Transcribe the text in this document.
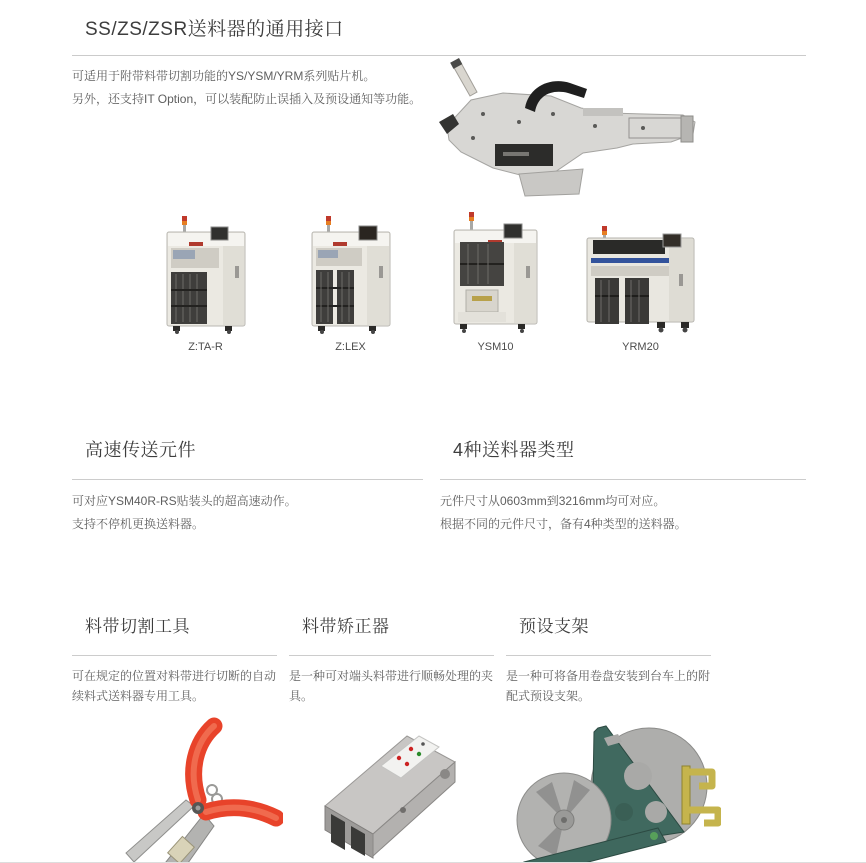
SS/ZS/ZSR送料器的通用接口
可适用于附带料带切割功能的YS/YSM/YRM系列贴片机。
另外，还支持IT Option，可以装配防止误插入及预设通知等功能。
Z:TA-R	Z:LEX	YSM10	YRM20
高速传送元件
可对应YSM40R-RS贴装头的超高速动作。
支持不停机更换送料器。
4种送料器类型
元件尺寸从0603mm到3216mm均可对应。
根据不同的元件尺寸，备有4种类型的送料器。
料带切割工具
可在规定的位置对料带进行切断的自动续料式送料器专用工具。
料带矫正器
是一种可对端头料带进行顺畅处理的夹具。
预设支架
是一种可将备用卷盘安装到台车上的附配式预设支架。
